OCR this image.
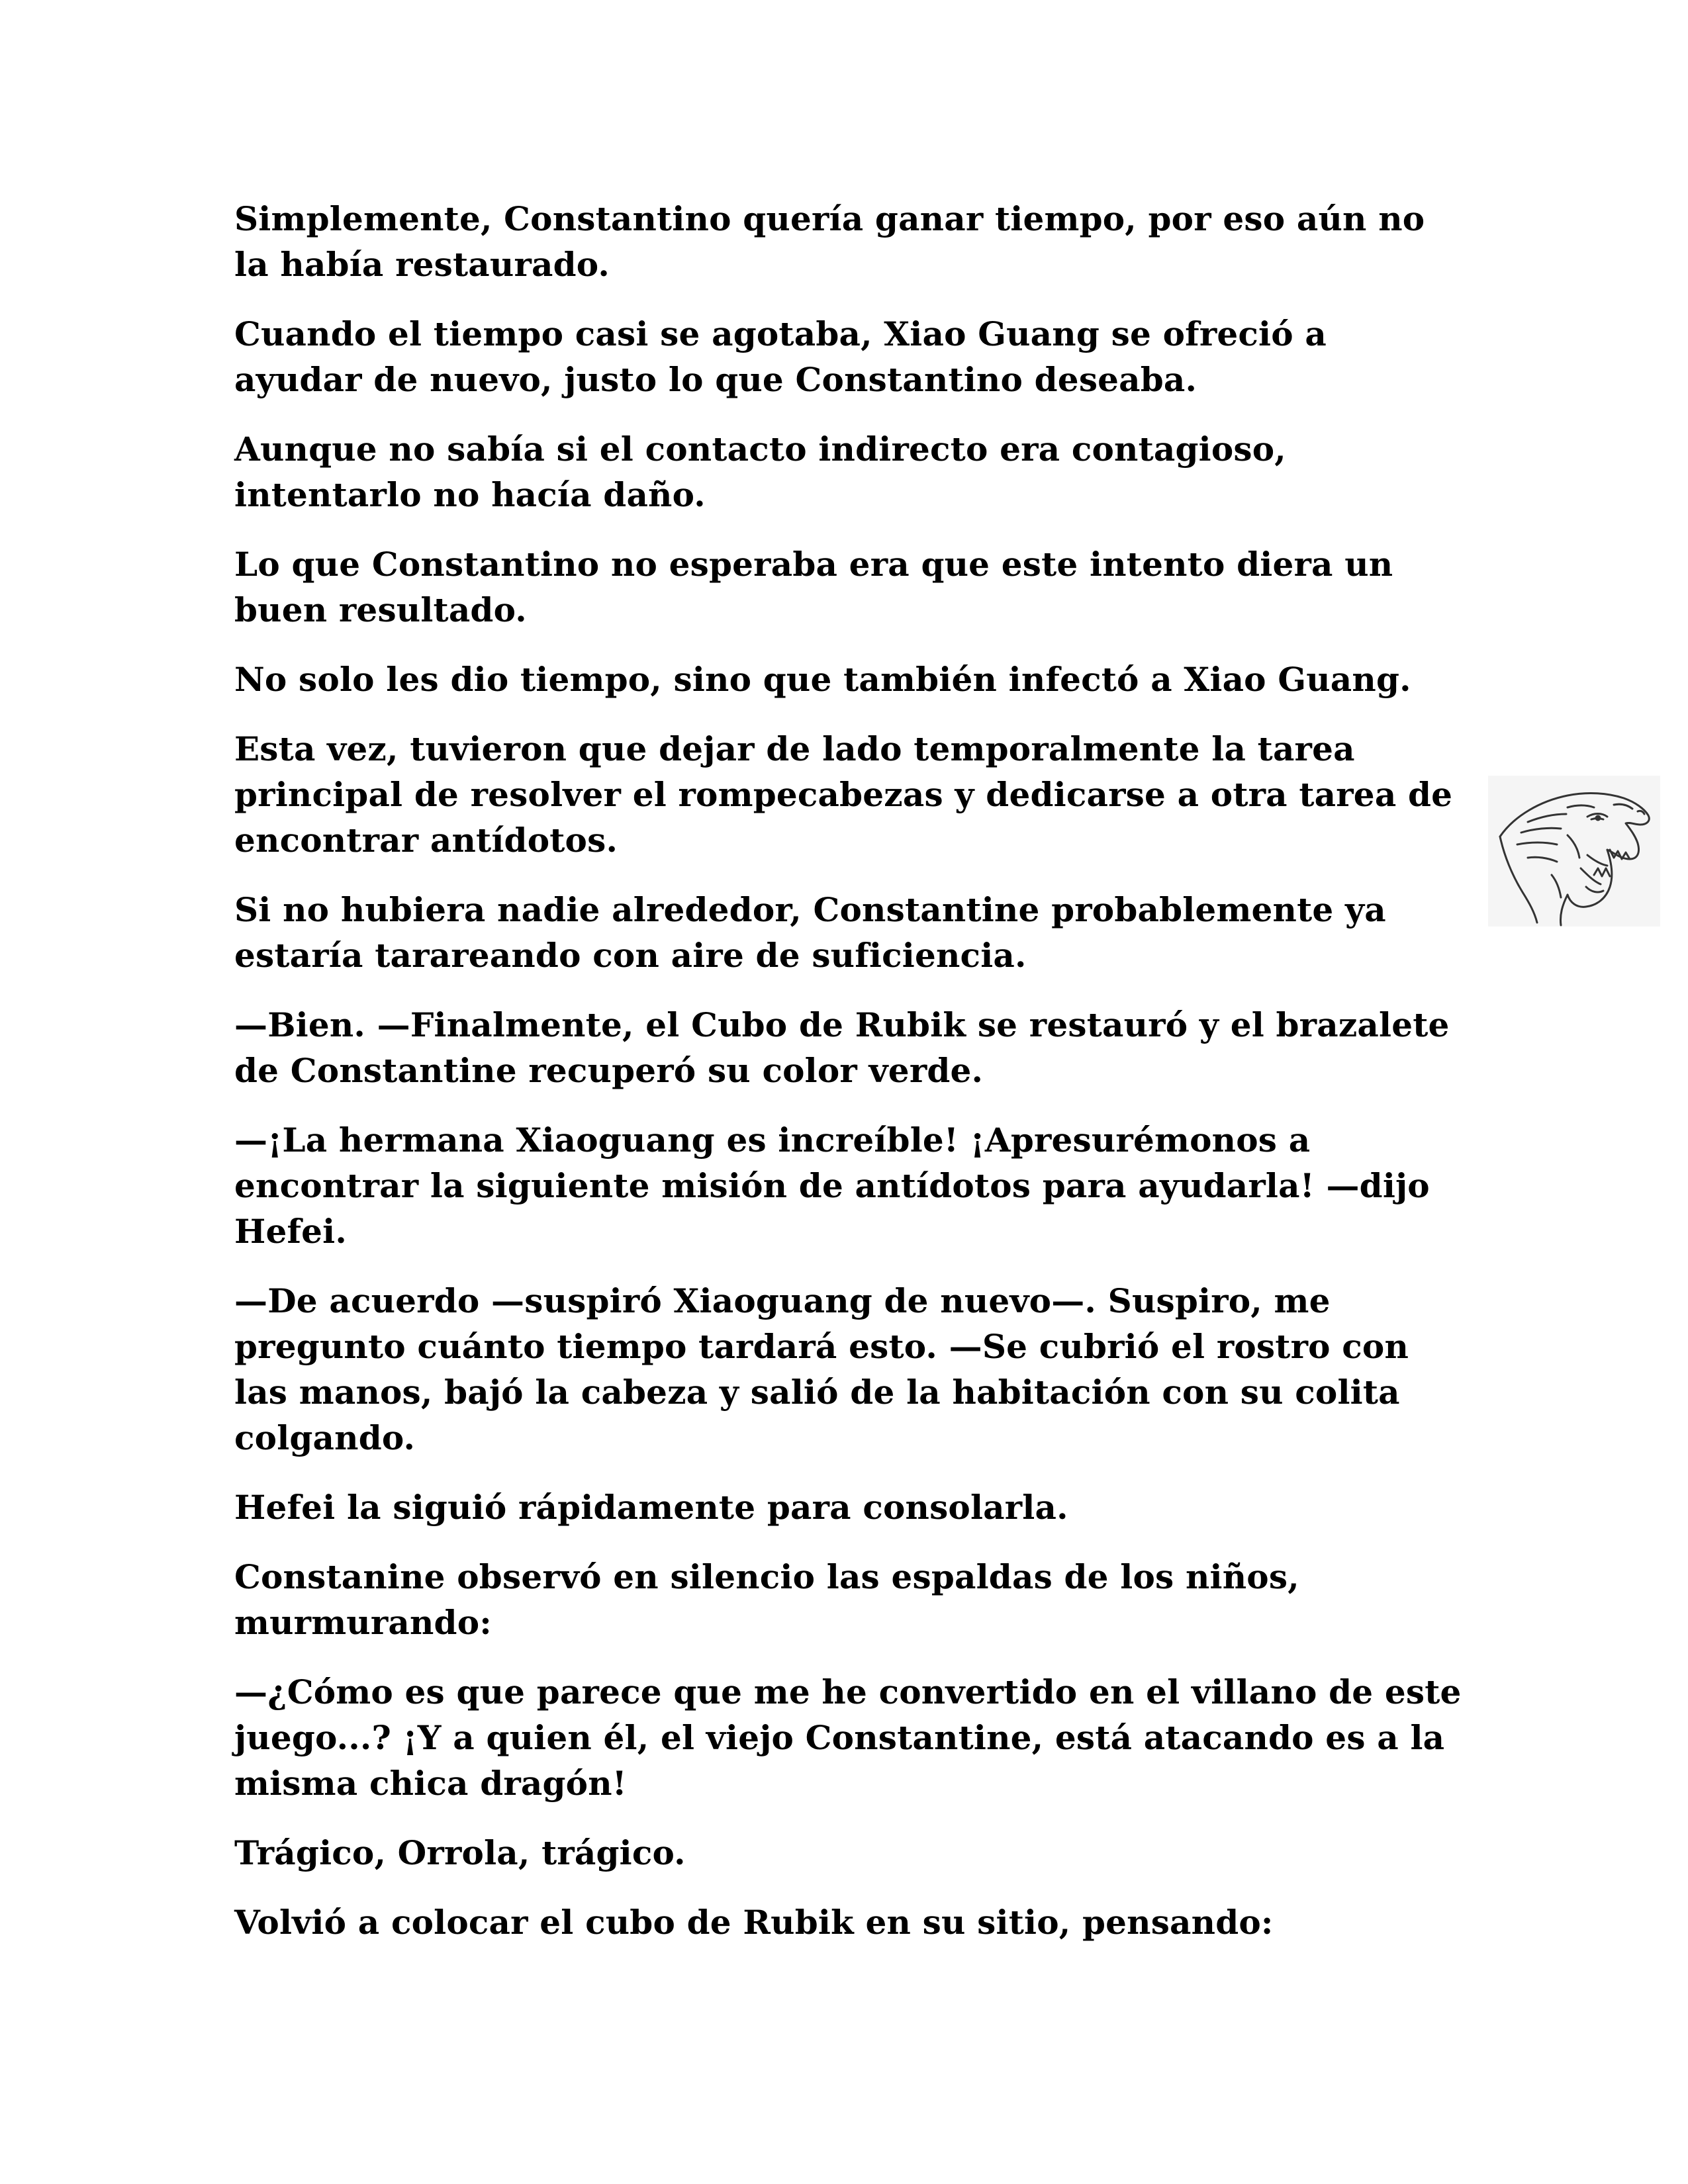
Simplemente, Constantino quería ganar tiempo, por eso aún no la había restaurado.

Cuando el tiempo casi se agotaba, Xiao Guang se ofreció a ayudar de nuevo, justo lo que Constantino deseaba.

Aunque no sabía si el contacto indirecto era contagioso, intentarlo no hacía daño.

Lo que Constantino no esperaba era que este intento diera un buen resultado.

No solo les dio tiempo, sino que también infectó a Xiao Guang.

Esta vez, tuvieron que dejar de lado temporalmente la tarea principal de resolver el rompecabezas y dedicarse a otra tarea de encontrar antídotos.

Si no hubiera nadie alrededor, Constantine probablemente ya estaría tarareando con aire de suficiencia.

—Bien. —Finalmente, el Cubo de Rubik se restauró y el brazalete de Constantine recuperó su color verde.

—¡La hermana Xiaoguang es increíble! ¡Apresurémonos a encontrar la siguiente misión de antídotos para ayudarla! —dijo Hefei.

—De acuerdo —suspiró Xiaoguang de nuevo—. Suspiro, me pregunto cuánto tiempo tardará esto. —Se cubrió el rostro con las manos, bajó la cabeza y salió de la habitación con su colita colgando.

Hefei la siguió rápidamente para consolarla.

Constanine observó en silencio las espaldas de los niños, murmurando:

—¿Cómo es que parece que me he convertido en el villano de este juego...? ¡Y a quien él, el viejo Constantine, está atacando es a la misma chica dragón!

Trágico, Orrola, trágico.

Volvió a colocar el cubo de Rubik en su sitio, pensando:
